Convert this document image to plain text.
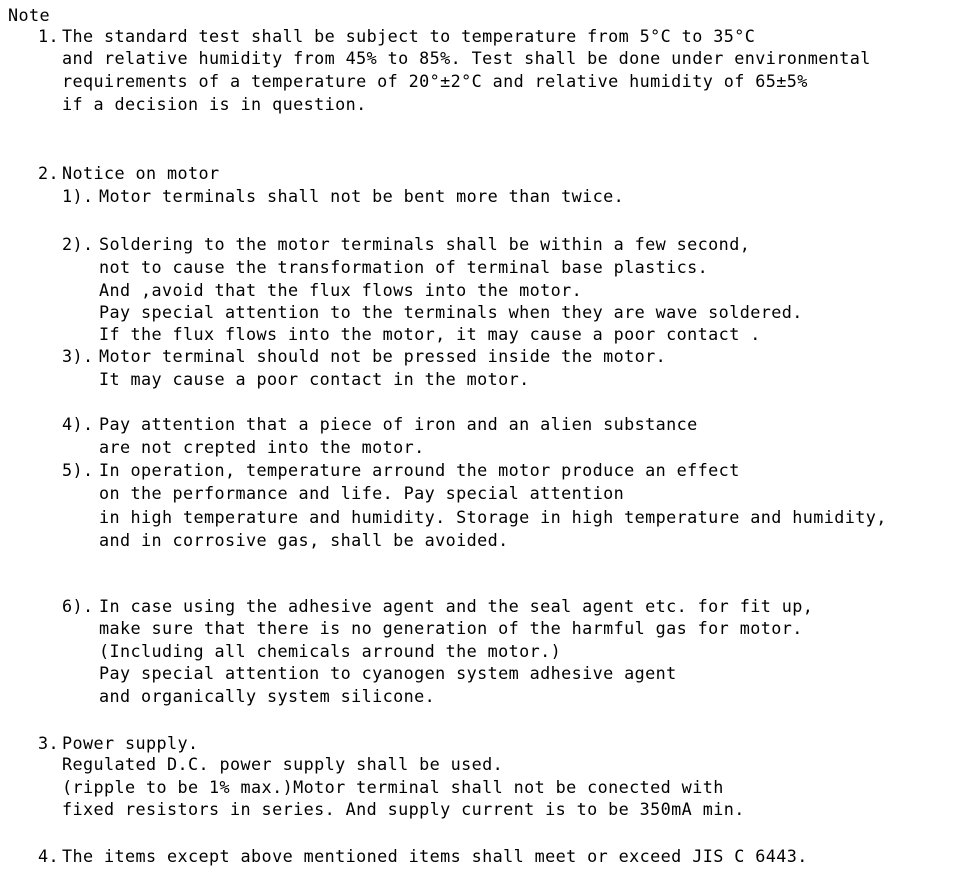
Note
1. The standard test shall be subject to temperature from 5°C to 35°C
and relative humidity from 45% to 85%. Test shall be done under environmental
requirements of a temperature of 20°±2°C and relative humidity of 65±5%
if a decision is in question.
2. Notice on motor
1). Motor terminals shall not be bent more than twice.
2). Soldering to the motor terminals shall be within a few second,
not to cause the transformation of terminal base plastics.
And ,avoid that the flux flows into the motor.
Pay special attention to the terminals when they are wave soldered.
If the flux flows into the motor, it may cause a poor contact .
3). Motor terminal should not be pressed inside the motor.
It may cause a poor contact in the motor.
4). Pay attention that a piece of iron and an alien substance
are not crepted into the motor.
5). In operation, temperature arround the motor produce an effect
on the performance and life. Pay special attention
in high temperature and humidity. Storage in high temperature and humidity,
and in corrosive gas, shall be avoided.
6). In case using the adhesive agent and the seal agent etc. for fit up,
make sure that there is no generation of the harmful gas for motor.
(Including all chemicals arround the motor.)
Pay special attention to cyanogen system adhesive agent
and organically system silicone.
3. Power supply.
Regulated D.C. power supply shall be used.
(ripple to be 1% max.)Motor terminal shall not be conected with
fixed resistors in series. And supply current is to be 350mA min.
4. The items except above mentioned items shall meet or exceed JIS C 6443.
